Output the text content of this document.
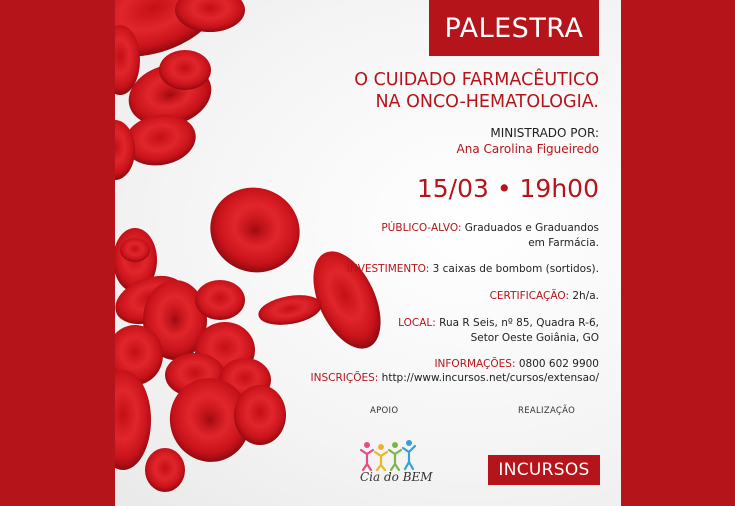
PALESTRA
O CUIDADO FARMACÊUTICO
NA ONCO-HEMATOLOGIA.
MINISTRADO POR:
Ana Carolina Figueiredo
15/03 • 19h00
PÚBLICO-ALVO: Graduados e Graduandos
em Farmácia.
INVESTIMENTO: 3 caixas de bombom (sortidos).
CERTIFICAÇÃO: 2h/a.
LOCAL: Rua R Seis, nº 85, Quadra R-6,
Setor Oeste Goiânia, GO
INFORMAÇÕES: 0800 602 9900
INSCRIÇÕES: http://www.incursos.net/cursos/extensao/
APOIO	REALIZAÇÃO
Cia do BEM	INCURSOS
